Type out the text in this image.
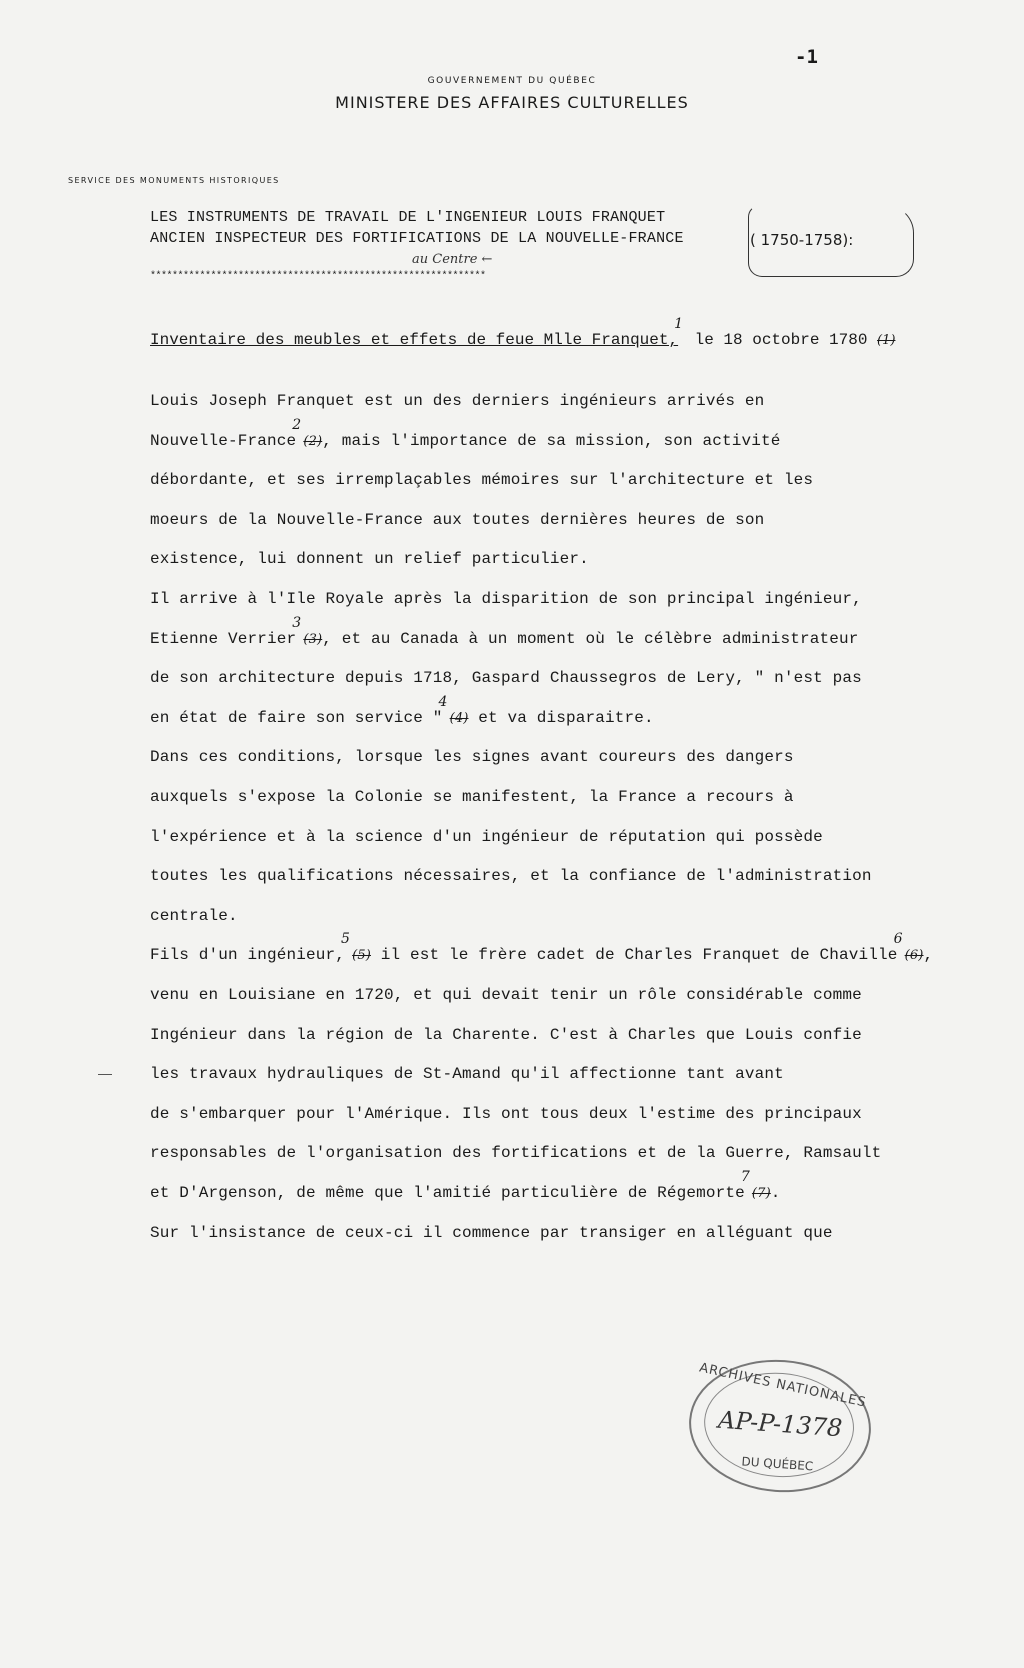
-1
GOUVERNEMENT DU QUÉBEC
MINISTERE DES AFFAIRES CULTURELLES
SERVICE DES MONUMENTS HISTORIQUES
LES INSTRUMENTS DE TRAVAIL DE L'INGENIEUR LOUIS FRANQUET
ANCIEN INSPECTEUR DES FORTIFICATIONS DE LA NOUVELLE-FRANCE	( 1750-1758):
au Centre ←
*************************************************************
Inventaire des meubles et effets de feue Mlle Franquet,1 le 18 octobre 1780 (1)
Louis Joseph Franquet est un des derniers ingénieurs arrivés en
Nouvelle-France2(2), mais l'importance de sa mission, son activité
débordante, et ses irremplaçables mémoires sur l'architecture et les
moeurs de la Nouvelle-France aux toutes dernières heures de son
existence, lui donnent un relief particulier.
Il arrive à l'Ile Royale après la disparition de son principal ingénieur,
Etienne Verrier3(3), et au Canada à un moment où le célèbre administrateur
de son architecture depuis 1718, Gaspard Chaussegros de Lery, " n'est pas
en état de faire son service "4(4) et va disparaitre.
Dans ces conditions, lorsque les signes avant coureurs des dangers
auxquels s'expose la Colonie se manifestent, la France a recours à
l'expérience et à la science d'un ingénieur de réputation qui possède
toutes les qualifications nécessaires, et la confiance de l'administration
centrale.
Fils d'un ingénieur,5(5) il est le frère cadet de Charles Franquet de Chaville6(6),
venu en Louisiane en 1720, et qui devait tenir un rôle considérable comme
Ingénieur dans la région de la Charente. C'est à Charles que Louis confie
les travaux hydrauliques de St-Amand qu'il affectionne tant avant
de s'embarquer pour l'Amérique. Ils ont tous deux l'estime des principaux
responsables de l'organisation des fortifications et de la Guerre, Ramsault
et D'Argenson, de même que l'amitié particulière de Régemorte7(7).
Sur l'insistance de ceux-ci il commence par transiger en alléguant que
ARCHIVES NATIONALES
AP-P-1378
DU QUÉBEC
